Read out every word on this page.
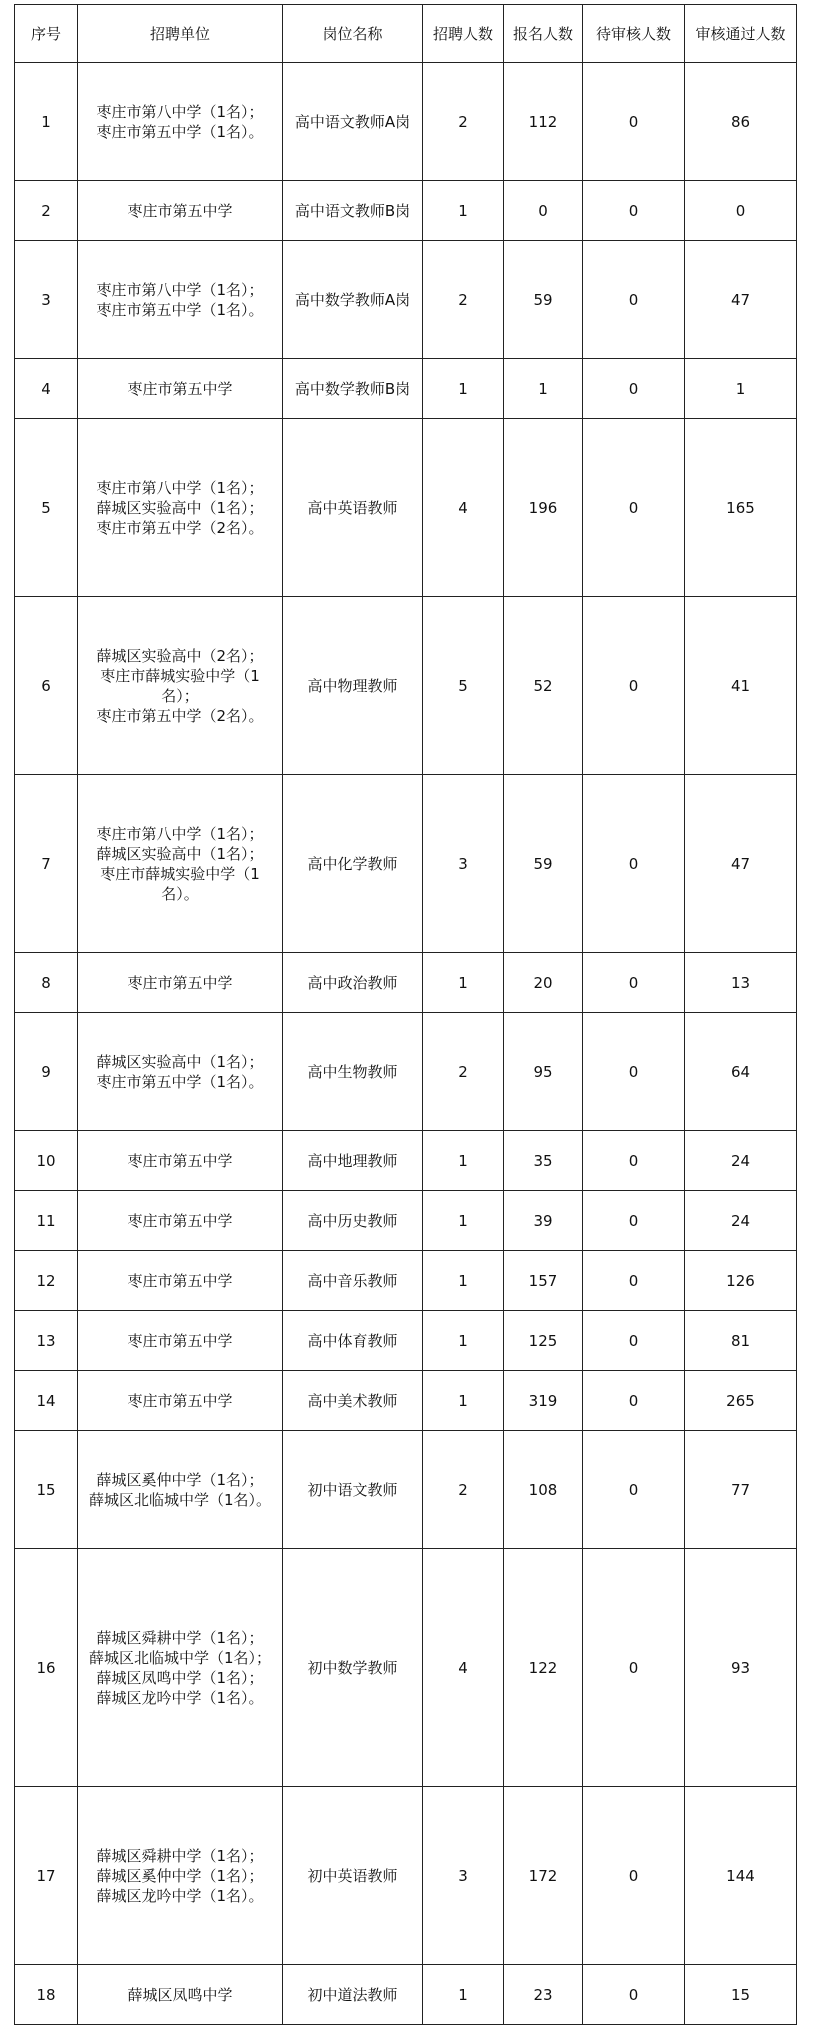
序号	招聘单位	岗位名称	招聘人数	报名人数	待审核人数	审核通过人数
1	枣庄市第八中学（1名）；
枣庄市第五中学（1名）。	高中语文教师A岗	2	112	0	86
2	枣庄市第五中学	高中语文教师B岗	1	0	0	0
3	枣庄市第八中学（1名）；
枣庄市第五中学（1名）。	高中数学教师A岗	2	59	0	47
4	枣庄市第五中学	高中数学教师B岗	1	1	0	1
5	枣庄市第八中学（1名）；
薛城区实验高中（1名）；
枣庄市第五中学（2名）。	高中英语教师	4	196	0	165
6	薛城区实验高中（2名）；
枣庄市薛城实验中学（1
名）；
枣庄市第五中学（2名）。	高中物理教师	5	52	0	41
7	枣庄市第八中学（1名）；
薛城区实验高中（1名）；
枣庄市薛城实验中学（1
名）。	高中化学教师	3	59	0	47
8	枣庄市第五中学	高中政治教师	1	20	0	13
9	薛城区实验高中（1名）；
枣庄市第五中学（1名）。	高中生物教师	2	95	0	64
10	枣庄市第五中学	高中地理教师	1	35	0	24
11	枣庄市第五中学	高中历史教师	1	39	0	24
12	枣庄市第五中学	高中音乐教师	1	157	0	126
13	枣庄市第五中学	高中体育教师	1	125	0	81
14	枣庄市第五中学	高中美术教师	1	319	0	265
15	薛城区奚仲中学（1名）；
薛城区北临城中学（1名）。	初中语文教师	2	108	0	77
16	薛城区舜耕中学（1名）；
薛城区北临城中学（1名）；
薛城区凤鸣中学（1名）；
薛城区龙吟中学（1名）。	初中数学教师	4	122	0	93
17	薛城区舜耕中学（1名）；
薛城区奚仲中学（1名）；
薛城区龙吟中学（1名）。	初中英语教师	3	172	0	144
18	薛城区凤鸣中学	初中道法教师	1	23	0	15
